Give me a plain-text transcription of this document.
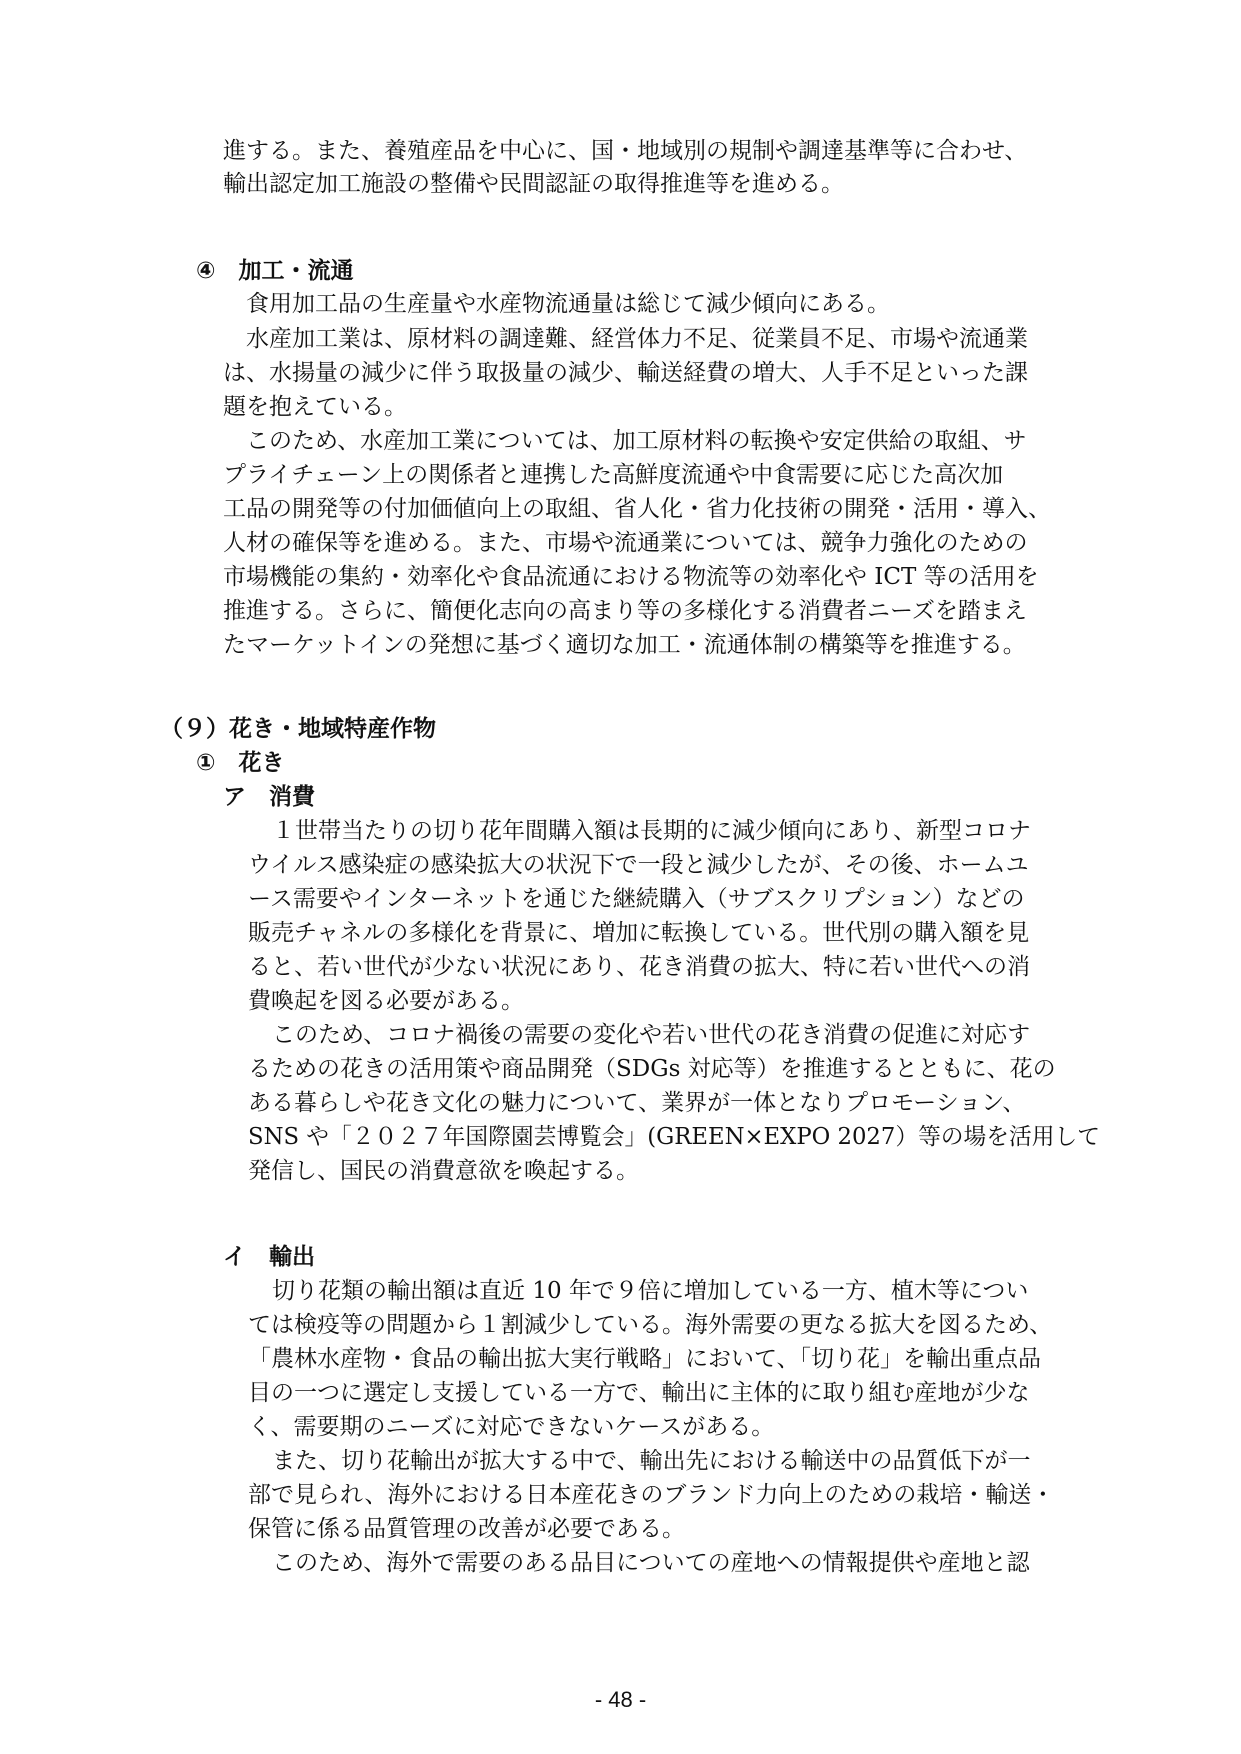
進する。また、養殖産品を中心に、国・地域別の規制や調達基準等に合わせ、
輸出認定加工施設の整備や民間認証の取得推進等を進める。
④　加工・流通
食用加工品の生産量や水産物流通量は総じて減少傾向にある。
水産加工業は、原材料の調達難、経営体力不足、従業員不足、市場や流通業
は、水揚量の減少に伴う取扱量の減少、輸送経費の増大、人手不足といった課
題を抱えている。
このため、水産加工業については、加工原材料の転換や安定供給の取組、サ
プライチェーン上の関係者と連携した高鮮度流通や中食需要に応じた高次加
工品の開発等の付加価値向上の取組、省人化・省力化技術の開発・活用・導入、
人材の確保等を進める。また、市場や流通業については、競争力強化のための
市場機能の集約・効率化や食品流通における物流等の効率化や ICT 等の活用を
推進する。さらに、簡便化志向の高まり等の多様化する消費者ニーズを踏まえ
たマーケットインの発想に基づく適切な加工・流通体制の構築等を推進する。
（９）花き・地域特産作物
①　花き
ア　消費
１世帯当たりの切り花年間購入額は長期的に減少傾向にあり、新型コロナ
ウイルス感染症の感染拡大の状況下で一段と減少したが、その後、ホームユ
ース需要やインターネットを通じた継続購入（サブスクリプション）などの
販売チャネルの多様化を背景に、増加に転換している。世代別の購入額を見
ると、若い世代が少ない状況にあり、花き消費の拡大、特に若い世代への消
費喚起を図る必要がある。
このため、コロナ禍後の需要の変化や若い世代の花き消費の促進に対応す
るための花きの活用策や商品開発（SDGs 対応等）を推進するとともに、花の
ある暮らしや花き文化の魅力について、業界が一体となりプロモーション、
SNS や「２０２７年国際園芸博覧会」(GREEN×EXPO 2027）等の場を活用して
発信し、国民の消費意欲を喚起する。
イ　輸出
切り花類の輸出額は直近 10 年で９倍に増加している一方、植木等につい
ては検疫等の問題から１割減少している。海外需要の更なる拡大を図るため、
「農林水産物・食品の輸出拡大実行戦略」において、「切り花」を輸出重点品
目の一つに選定し支援している一方で、輸出に主体的に取り組む産地が少な
く、需要期のニーズに対応できないケースがある。
また、切り花輸出が拡大する中で、輸出先における輸送中の品質低下が一
部で見られ、海外における日本産花きのブランド力向上のための栽培・輸送・
保管に係る品質管理の改善が必要である。
このため、海外で需要のある品目についての産地への情報提供や産地と認
- 48 -
